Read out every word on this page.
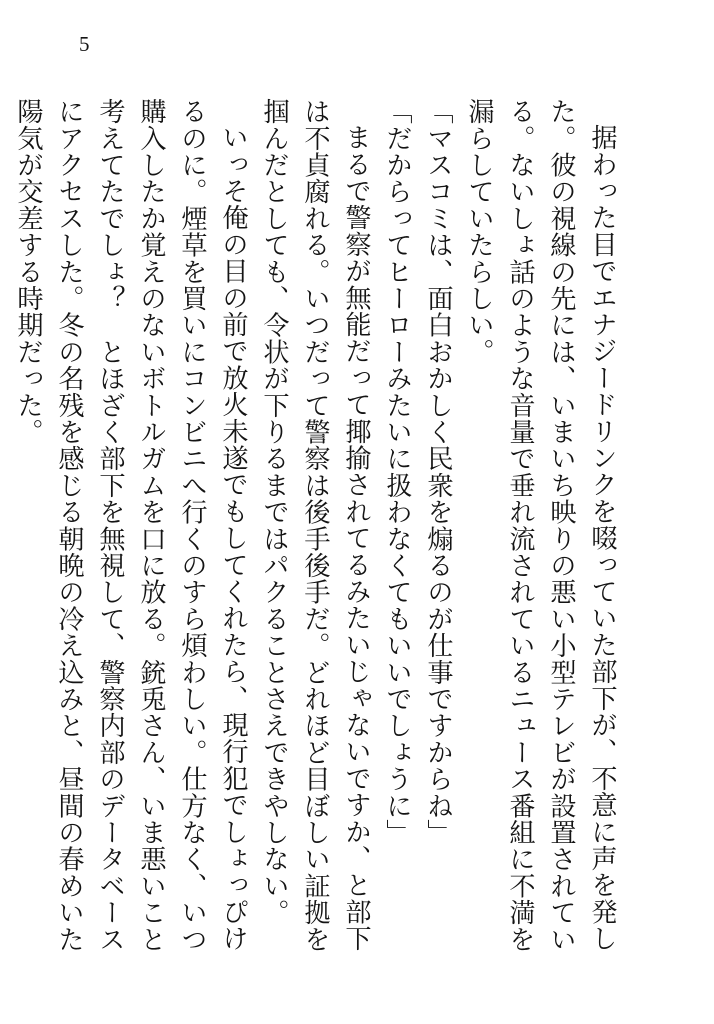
5

据わった目でエナジードリンクを啜っていた部下が、不意に声を発した。彼の視線の先には、いまいち映りの悪い小型テレビが設置されている。ないしょ話のような音量で垂れ流されているニュース番組に不満を漏らしていたらしい。

「マスコミは、面白おかしく民衆を煽るのが仕事ですからね」

「だからってヒーローみたいに扱わなくてもいいでしょうに」

まるで警察が無能だって揶揄されてるみたいじゃないですか、と部下は不貞腐れる。いつだって警察は後手後手だ。どれほど目ぼしい証拠を掴んだとしても、令状が下りるまではパクることさえできやしない。

いっそ俺の目の前で放火未遂でもしてくれたら、現行犯でしょっぴけるのに。煙草を買いにコンビニへ行くのすら煩わしい。仕方なく、いつ購入したか覚えのないボトルガムを口に放る。銃兎さん、いま悪いこと考えてたでしょ？　とほざく部下を無視して、警察内部のデータベースにアクセスした。冬の名残を感じる朝晩の冷え込みと、昼間の春めいた陽気が交差する時期だった。
